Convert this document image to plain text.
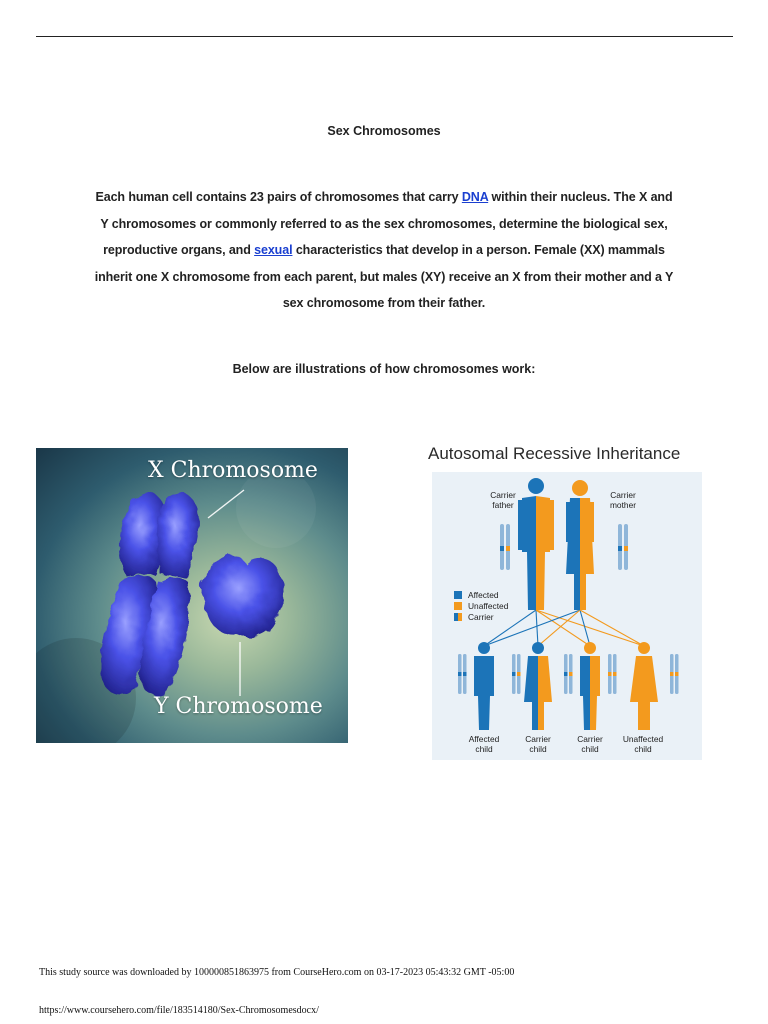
Sex Chromosomes
Each human cell contains 23 pairs of chromosomes that carry DNA within their nucleus. The X and Y chromosomes or commonly referred to as the sex chromosomes, determine the biological sex, reproductive organs, and sexual characteristics that develop in a person. Female (XX) mammals inherit one X chromosome from each parent, but males (XY) receive an X from their mother and a Y sex chromosome from their father.
Below are illustrations of how chromosomes work:
X Chromosome
Y Chromosome
Autosomal Recessive Inheritance
Carrier
father
Carrier
mother
Affected
Unaffected
Carrier
Affected
child
Carrier
child
Carrier
child
Unaffected
child
This study source was downloaded by 100000851863975 from CourseHero.com on 03-17-2023 05:43:32 GMT -05:00
https://www.coursehero.com/file/183514180/Sex-Chromosomesdocx/
